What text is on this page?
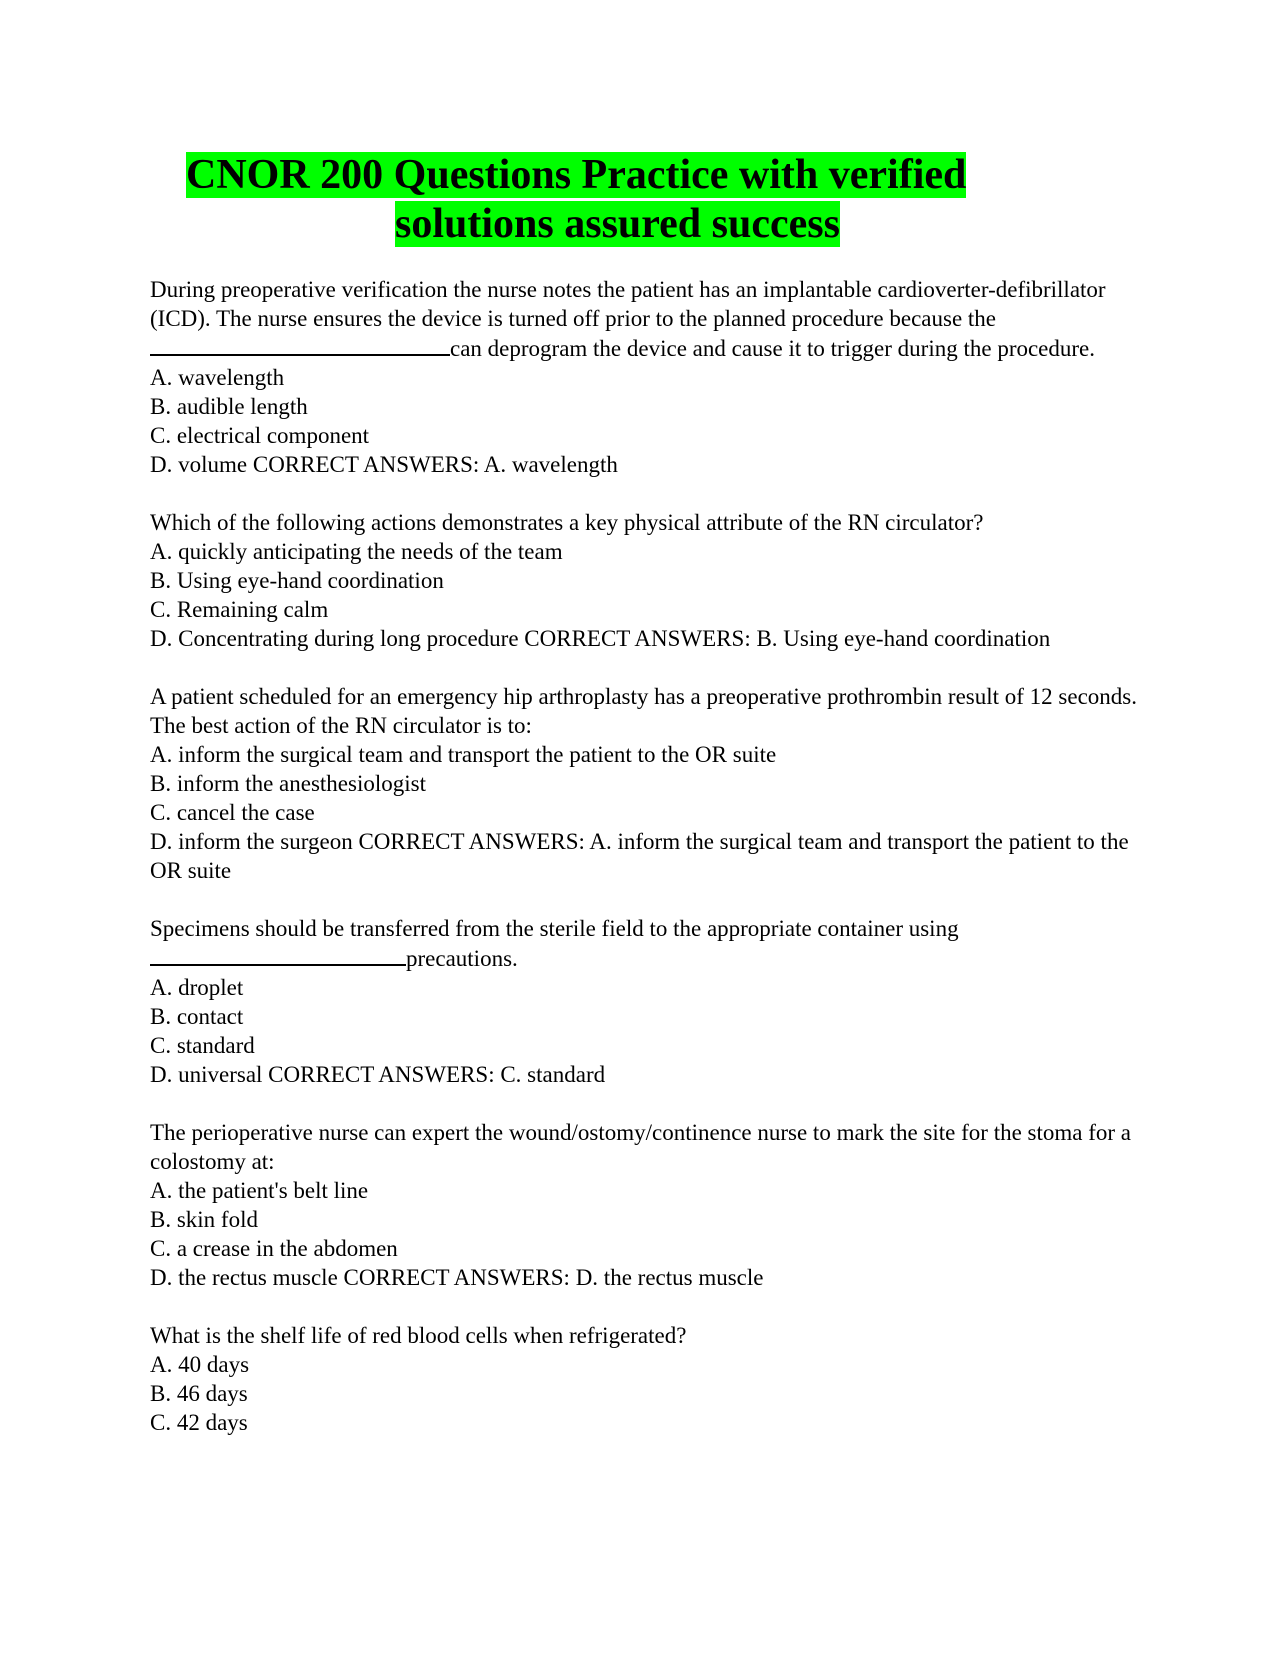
CNOR 200 Questions Practice with verified
solutions assured success

During preoperative verification the nurse notes the patient has an implantable cardioverter-defibrillator (ICD). The nurse ensures the device is turned off prior to the planned procedure because thecan deprogram the device and cause it to trigger during the procedure.

A. wavelength

B. audible length

C. electrical component

D. volume CORRECT ANSWERS: A. wavelength

Which of the following actions demonstrates a key physical attribute of the RN circulator?

A. quickly anticipating the needs of the team

B. Using eye-hand coordination

C. Remaining calm

D. Concentrating during long procedure CORRECT ANSWERS: B. Using eye-hand coordination

A patient scheduled for an emergency hip arthroplasty has a preoperative prothrombin result of 12 seconds. The best action of the RN circulator is to:

A. inform the surgical team and transport the patient to the OR suite

B. inform the anesthesiologist

C. cancel the case

D. inform the surgeon CORRECT ANSWERS: A. inform the surgical team and transport the patient to the OR suite

Specimens should be transferred from the sterile field to the appropriate container using

precautions.

A. droplet

B. contact

C. standard

D. universal CORRECT ANSWERS: C. standard

The perioperative nurse can expert the wound/ostomy/continence nurse to mark the site for the stoma for a colostomy at:

A. the patient's belt line

B. skin fold

C. a crease in the abdomen

D. the rectus muscle CORRECT ANSWERS: D. the rectus muscle

What is the shelf life of red blood cells when refrigerated?

A. 40 days

B. 46 days

C. 42 days
